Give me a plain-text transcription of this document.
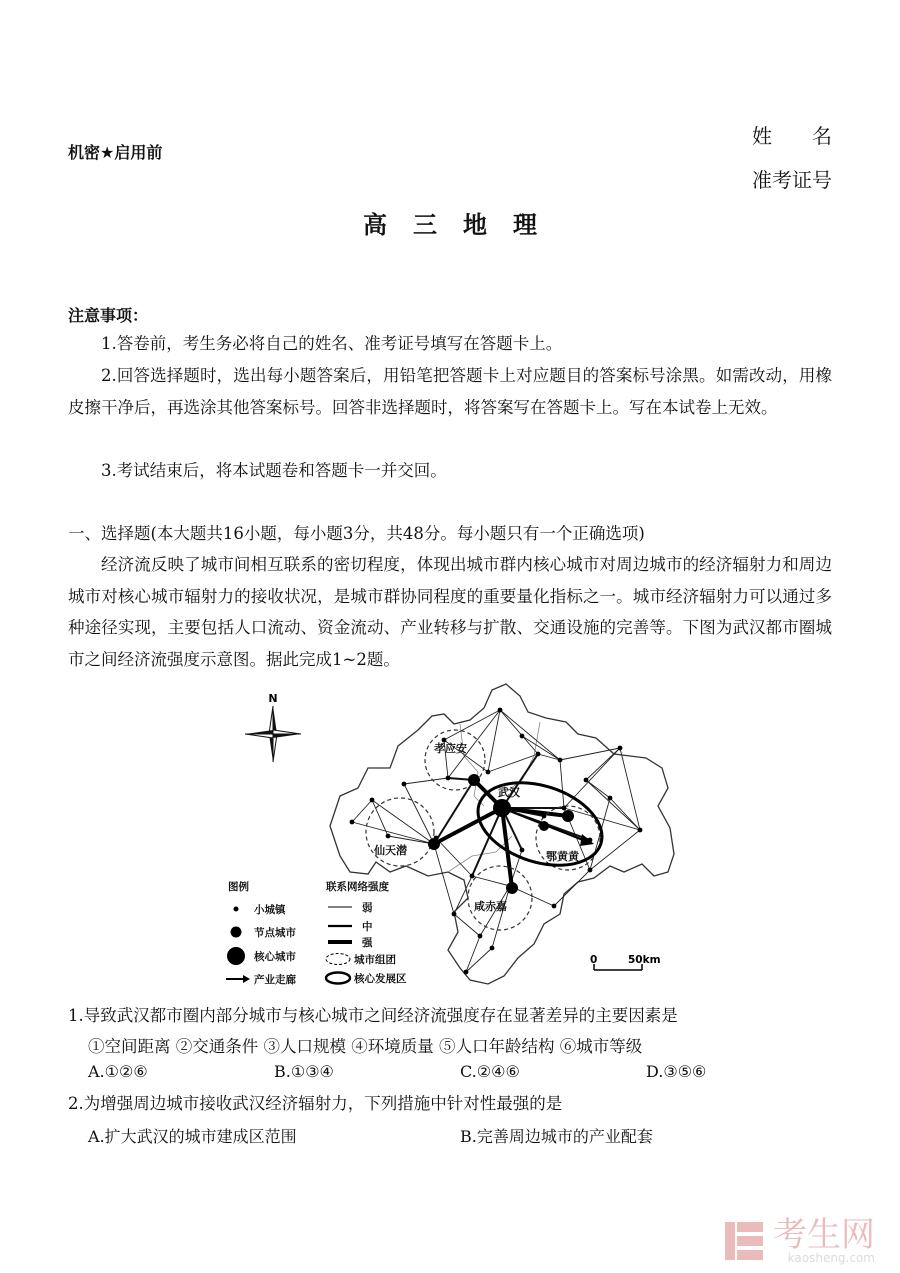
机密★启用前
姓　　名
准考证号
高三地理
注意事项：
1.答卷前，考生务必将自己的姓名、准考证号填写在答题卡上。
2.回答选择题时，选出每小题答案后，用铅笔把答题卡上对应题目的答案标号涂黑。如需改动，用橡皮擦干净后，再选涂其他答案标号。回答非选择题时，将答案写在答题卡上。写在本试卷上无效。
3.考试结束后，将本试题卷和答题卡一并交回。
一、选择题(本大题共16小题，每小题3分，共48分。每小题只有一个正确选项)
经济流反映了城市间相互联系的密切程度，体现出城市群内核心城市对周边城市的经济辐射力和周边城市对核心城市辐射力的接收状况，是城市群协同程度的重要量化指标之一。城市经济辐射力可以通过多种途径实现，主要包括人口流动、资金流动、产业转移与扩散、交通设施的完善等。下图为武汉都市圈城市之间经济流强度示意图。据此完成1~2题。
N
孝应安
武汉
仙天潜	鄂黄黄
咸赤嘉
图例
小城镇
节点城市
核心城市
产业走廊
联系网络强度
弱
中
强
城市组团
核心发展区
0	50km
1.导致武汉都市圈内部分城市与核心城市之间经济流强度存在显著差异的主要因素是
①空间距离 ②交通条件 ③人口规模 ④环境质量 ⑤人口年龄结构 ⑥城市等级
A.①②⑥	B.①③④	C.②④⑥	D.③⑤⑥
2.为增强周边城市接收武汉经济辐射力，下列措施中针对性最强的是
A.扩大武汉的城市建成区范围	B.完善周边城市的产业配套
考生网
kaosheng.com
